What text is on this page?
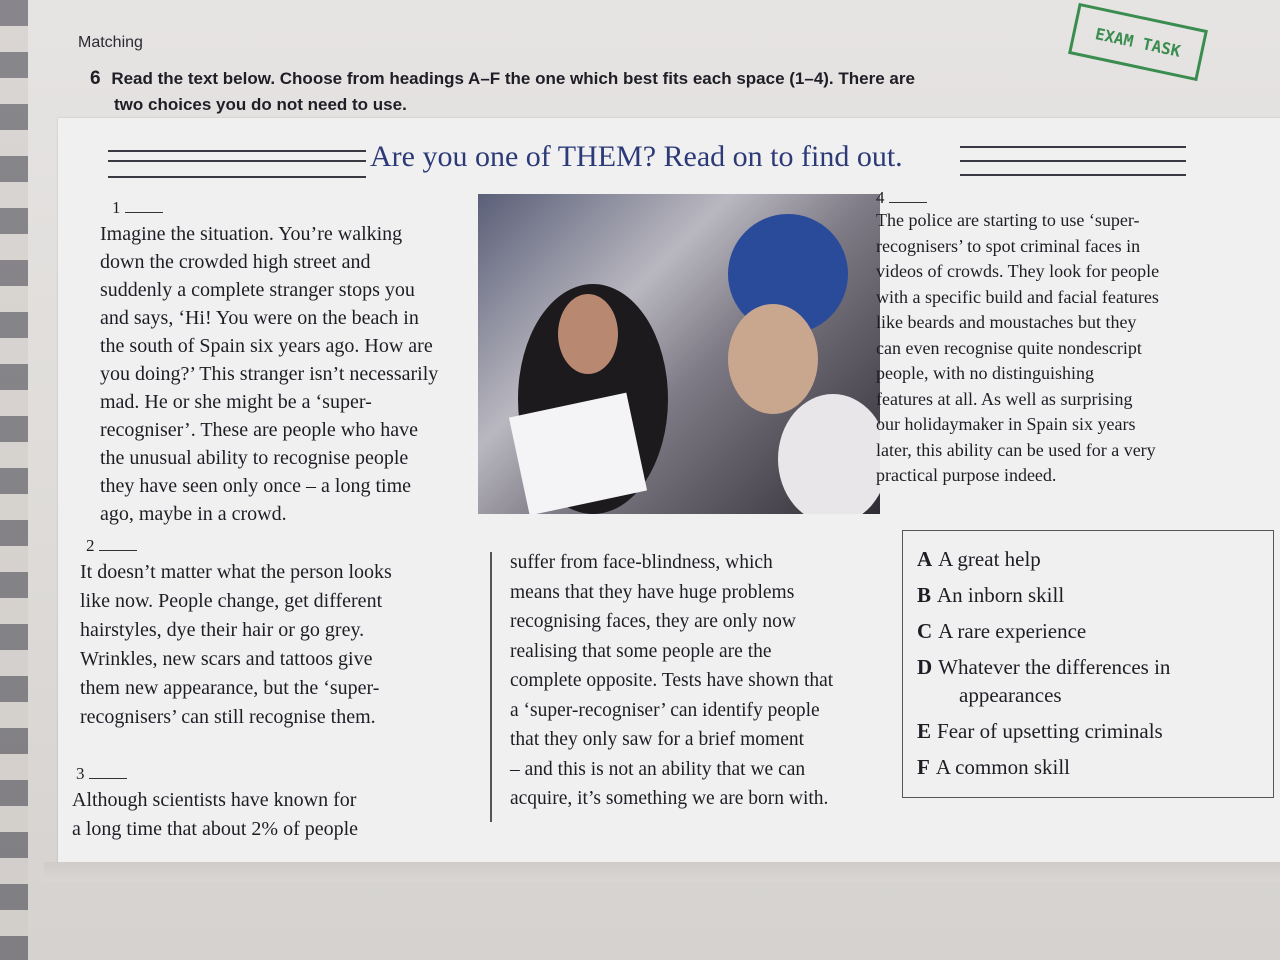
Matching	EXAM TASK
6 Read the text below. Choose from headings A–F the one which best fits each space (1–4). There are
two choices you do not need to use.
Are you one of THEM? Read on to find out.
1
Imagine the situation. You’re walking
down the crowded high street and
suddenly a complete stranger stops you
and says, ‘Hi! You were on the beach in
the south of Spain six years ago. How are
you doing?’ This stranger isn’t necessarily
mad. He or she might be a ‘super-
recogniser’. These are people who have
the unusual ability to recognise people
they have seen only once – a long time
ago, maybe in a crowd.
4
The police are starting to use ‘super-
recognisers’ to spot criminal faces in
videos of crowds. They look for people
with a specific build and facial features
like beards and moustaches but they
can even recognise quite nondescript
people, with no distinguishing
features at all. As well as surprising
our holidaymaker in Spain six years
later, this ability can be used for a very
practical purpose indeed.
2
It doesn’t matter what the person looks
like now. People change, get different
hairstyles, dye their hair or go grey.
Wrinkles, new scars and tattoos give
them new appearance, but the ‘super-
recognisers’ can still recognise them.
3
Although scientists have known for
a long time that about 2% of people
suffer from face-blindness, which
means that they have huge problems
recognising faces, they are only now
realising that some people are the
complete opposite. Tests have shown that
a ‘super-recogniser’ can identify people
that they only saw for a brief moment
– and this is not an ability that we can
acquire, it’s something we are born with.
A A great help
B An inborn skill
C A rare experience
D Whatever the differences in
appearances
E Fear of upsetting criminals
F A common skill
